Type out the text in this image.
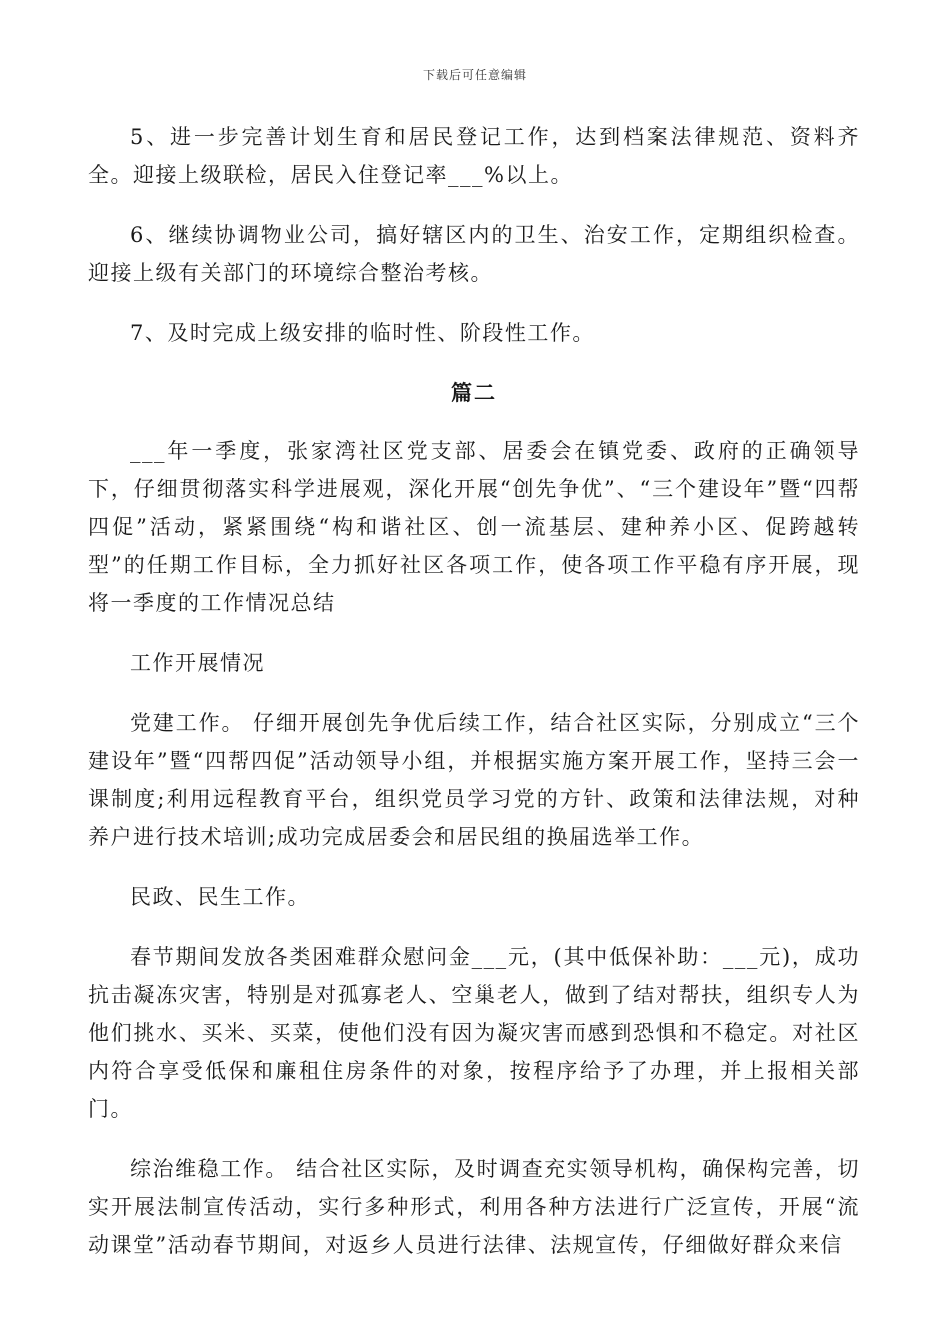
下载后可任意编辑

5、进一步完善计划生育和居民登记工作，达到档案法律规范、资料齐全。迎接上级联检，居民入住登记率___%以上。

6、继续协调物业公司，搞好辖区内的卫生、治安工作，定期组织检查。迎接上级有关部门的环境综合整治考核。

7、及时完成上级安排的临时性、阶段性工作。

篇二

___年一季度，张家湾社区党支部、居委会在镇党委、政府的正确领导下，仔细贯彻落实科学进展观，深化开展“创先争优”、“三个建设年”暨“四帮四促”活动，紧紧围绕“构和谐社区、创一流基层、建种养小区、促跨越转型”的任期工作目标，全力抓好社区各项工作，使各项工作平稳有序开展，现将一季度的工作情况总结

工作开展情况

党建工作。 仔细开展创先争优后续工作，结合社区实际，分别成立“三个建设年”暨“四帮四促”活动领导小组，并根据实施方案开展工作，坚持三会一课制度;利用远程教育平台，组织党员学习党的方针、政策和法律法规，对种养户进行技术培训;成功完成居委会和居民组的换届选举工作。

民政、民生工作。

春节期间发放各类困难群众慰问金___元，(其中低保补助：___元)，成功抗击凝冻灾害，特别是对孤寡老人、空巢老人，做到了结对帮扶，组织专人为他们挑水、买米、买菜，使他们没有因为凝灾害而感到恐惧和不稳定。对社区内符合享受低保和廉租住房条件的对象，按程序给予了办理，并上报相关部门。

综治维稳工作。 结合社区实际，及时调查充实领导机构，确保构完善，切实开展法制宣传活动，实行多种形式，利用各种方法进行广泛宣传，开展“流动课堂”活动春节期间，对返乡人员进行法律、法规宣传，仔细做好群众来信
